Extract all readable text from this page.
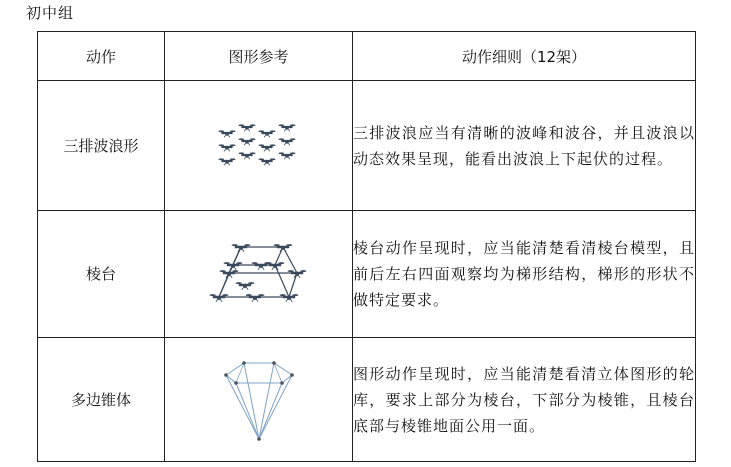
初中组
动作	图形参考	动作细则（12架）
三排波浪形		三排波浪应当有清晰的波峰和波谷，并且波浪以动态效果呈现，能看出波浪上下起伏的过程。
棱台		棱台动作呈现时，应当能清楚看清棱台模型，且前后左右四面观察均为梯形结构，梯形的形状不做特定要求。
多边锥体		图形动作呈现时，应当能清楚看清立体图形的轮库，要求上部分为棱台，下部分为棱锥，且棱台底部与棱锥地面公用一面。
